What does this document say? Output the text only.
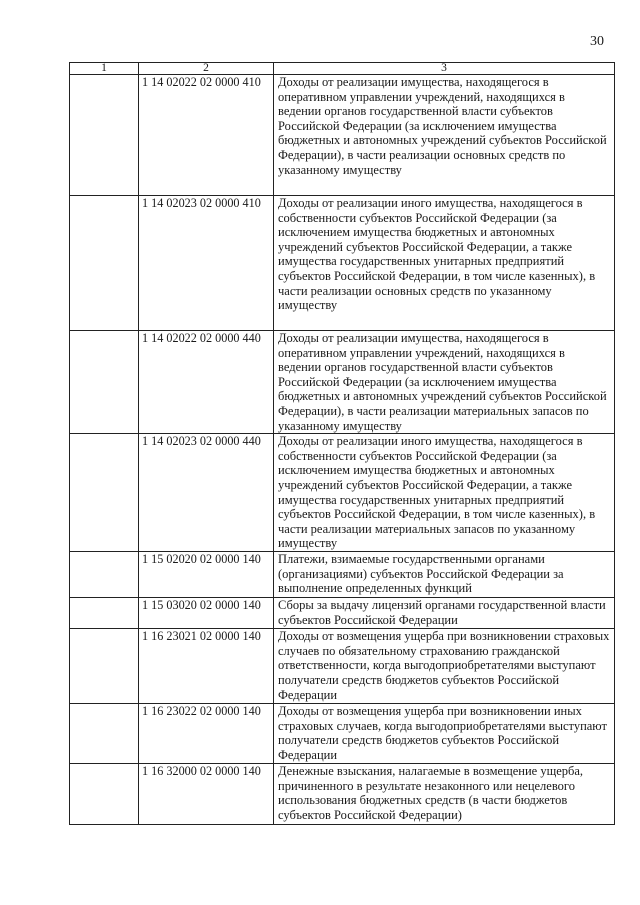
30
1	2	3
	1 14 02022 02 0000 410	Доходы от реализации имущества, находящегося в оперативном управлении учреждений, находящихся в ведении органов государственной власти субъектов Российской Федерации (за исключением имущества бюджетных и автономных учреждений субъектов Российской Федерации), в части реализации основных средств по указанному имуществу
	1 14 02023 02 0000 410	Доходы от реализации иного имущества, находящегося в собственности субъектов Российской Федерации (за исключением имущества бюджетных и автономных учреждений субъектов Российской Федерации, а также имущества государственных унитарных предприятий субъектов Российской Федерации, в том числе казенных), в части реализации основных средств по указанному имуществу
	1 14 02022 02 0000 440	Доходы от реализации имущества, находящегося в оперативном управлении учреждений, находящихся в ведении органов государственной власти субъектов Российской Федерации (за исключением имущества бюджетных и автономных учреждений субъектов Российской Федерации), в части реализации материальных запасов по указанному имуществу
	1 14 02023 02 0000 440	Доходы от реализации иного имущества, находящегося в собственности субъектов Российской Федерации (за исключением имущества бюджетных и автономных учреждений субъектов Российской Федерации, а также имущества государственных унитарных предприятий субъектов Российской Федерации, в том числе казенных), в части реализации материальных запасов по указанному имуществу
	1 15 02020 02 0000 140	Платежи, взимаемые государственными органами (организациями) субъектов Российской Федерации за выполнение определенных функций
	1 15 03020 02 0000 140	Сборы за выдачу лицензий органами государственной власти субъектов Российской Федерации
	1 16 23021 02 0000 140	Доходы от возмещения ущерба при возникновении страховых случаев по обязательному страхованию гражданской ответственности, когда выгодоприобретателями выступают получатели средств бюджетов субъектов Российской Федерации
	1 16 23022 02 0000 140	Доходы от возмещения ущерба при возникновении иных страховых случаев, когда выгодоприобретателями выступают получатели средств бюджетов субъектов Российской Федерации
	1 16 32000 02 0000 140	Денежные взыскания, налагаемые в возмещение ущерба, причиненного в результате незаконного или нецелевого использования бюджетных средств (в части бюджетов субъектов Российской Федерации)
